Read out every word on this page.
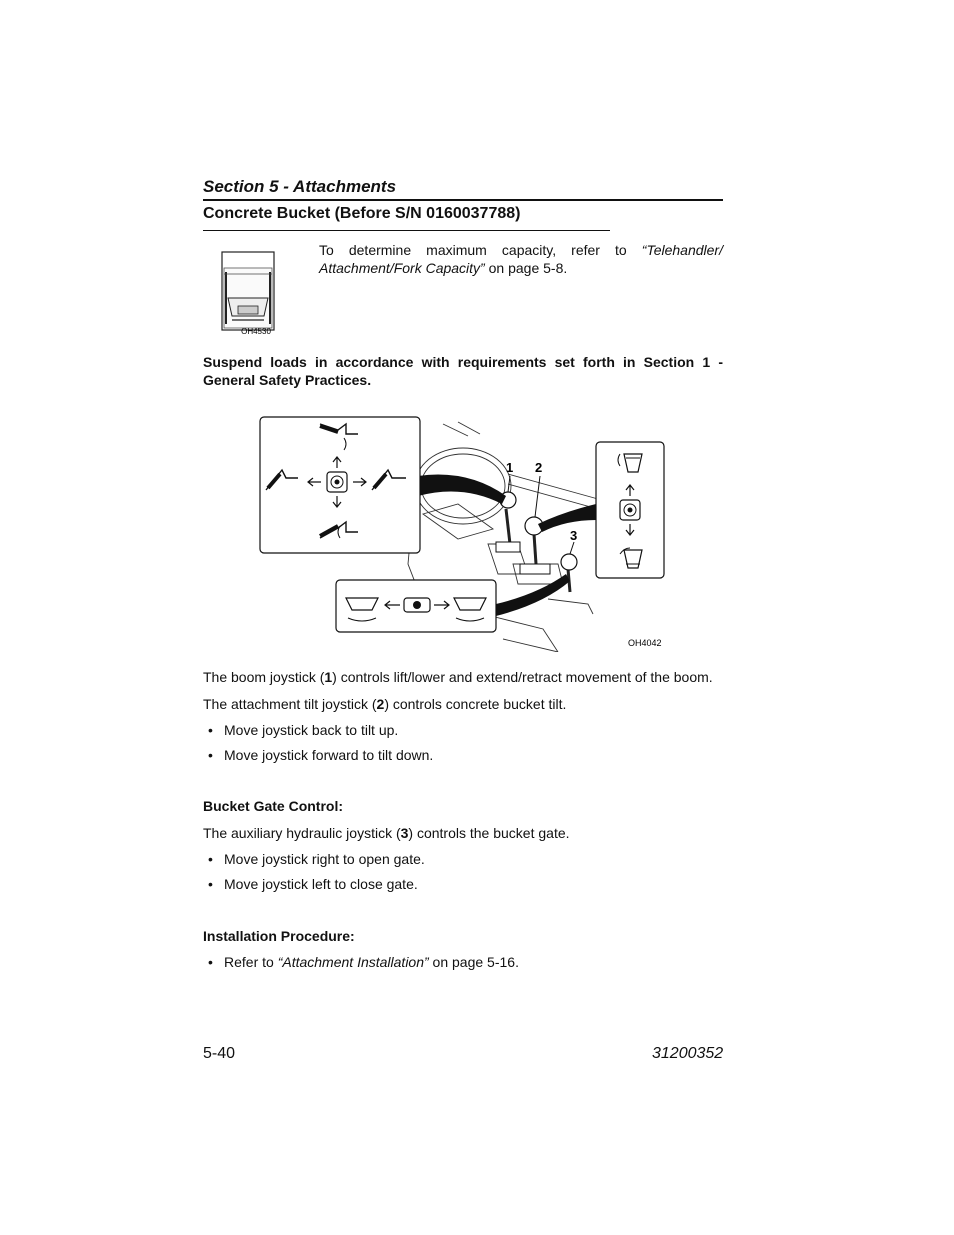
Section 5 - Attachments
Concrete Bucket (Before S/N 0160037788)
OH4530
To determine maximum capacity, refer to “Telehandler/ Attachment/Fork Capacity” on page 5-8.
Suspend loads in accordance with requirements set forth in Section 1 - General Safety Practices.
1 2
3
OH4042
The boom joystick (1) controls lift/lower and extend/retract movement of the boom.
The attachment tilt joystick (2) controls concrete bucket tilt.
• Move joystick back to tilt up.
• Move joystick forward to tilt down.
Bucket Gate Control:
The auxiliary hydraulic joystick (3) controls the bucket gate.
• Move joystick right to open gate.
• Move joystick left to close gate.
Installation Procedure:
• Refer to “Attachment Installation” on page 5-16.
5-40	31200352
